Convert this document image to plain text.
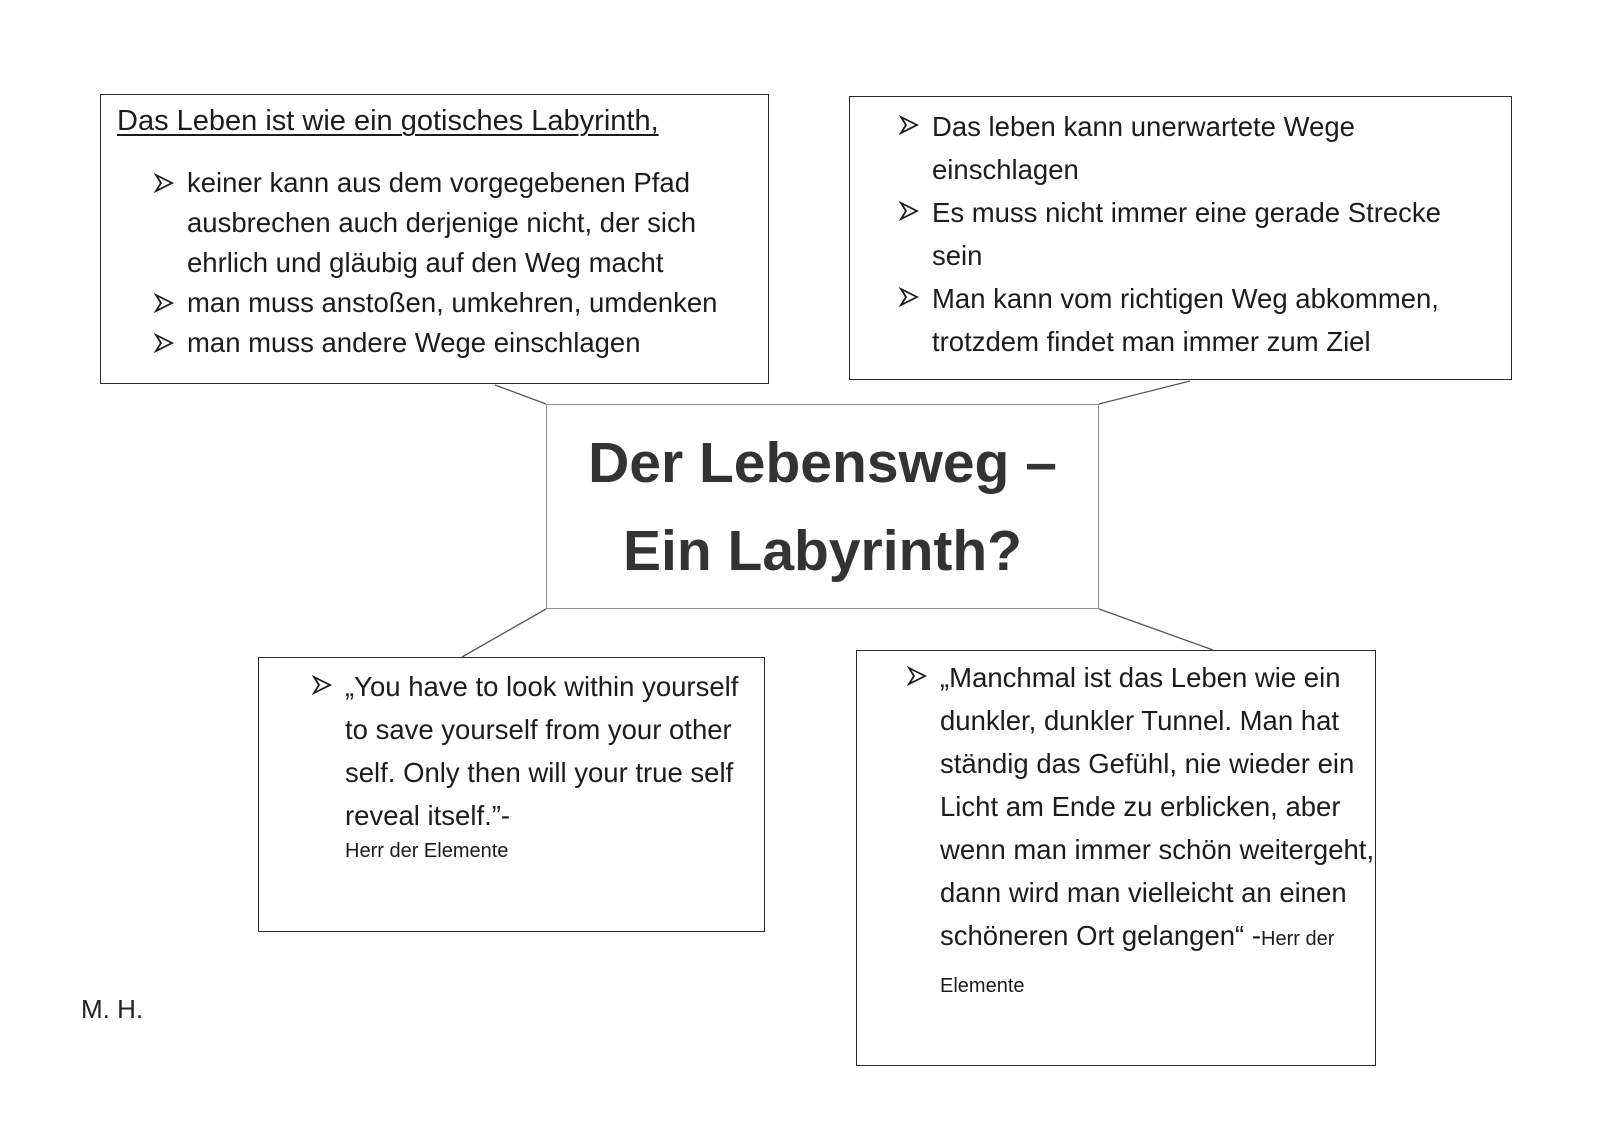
Das Leben ist wie ein gotisches Labyrinth,
keiner kann aus dem vorgegebenen Pfad ausbrechen auch derjenige nicht, der sich ehrlich und gläubig auf den Weg macht
man muss anstoßen, umkehren, umdenken
man muss andere Wege einschlagen
Das leben kann unerwartete Wege einschlagen
Es muss nicht immer eine gerade Strecke sein
Man kann vom richtigen Weg abkommen, trotzdem findet man immer zum Ziel
Der Lebensweg –
Ein Labyrinth?
„You have to look within yourself to save yourself from your other self. Only then will your true self reveal itself.”-
Herr der Elemente
„Manchmal ist das Leben wie ein dunkler, dunkler Tunnel. Man hat ständig das Gefühl, nie wieder ein Licht am Ende zu erblicken, aber wenn man immer schön weitergeht, dann wird man vielleicht an einen schöneren Ort gelangen“ -Herr der Elemente
M. H.
